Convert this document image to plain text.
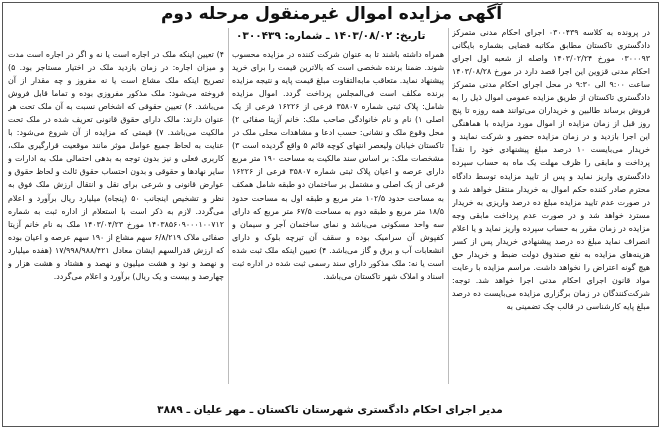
آگهی مزایده اموال غیرمنقول مرحله دوم
تاریخ: ۱۴۰۳/۰۸/۰۲ ـ شماره: ۰۳۰۰۴۳۹	در پرونده به کلاسه ۰۳۰۰۴۳۹ اجرای احکام مدنی متمرکز دادگستری تاکستان مطابق مکاتبه قضایی بشماره بایگانی ۰۳۰۰۰۹۳ مورخ ۱۴۰۳/۰۲/۲۴ واصله از شعبه اول اجرای احکام مدنی قزوین این اجرا قصد دارد در مورخ ۱۴۰۳/۰۸/۲۸ ساعت ۹:۰۰ الی ۹:۳۰ در محل اجرای احکام مدنی متمرکز دادگستری تاکستان از طریق مزایده عمومی اموال ذیل را به فروش برساند طالبین و خریداران می‌توانند همه روزه تا پنج روز قبل از زمان مزایده از اموال مورد مزایده با هماهنگی این اجرا بازدید و در زمان مزایده حضور و شرکت نمایند و خریدار می‌بایست ۱۰ درصد مبلغ پیشنهادی خود را نقداً پرداخت و مابقی را ظرف مهلت یک ماه به حساب سپرده دادگستری واریز نماید و پس از تایید مزایده توسط دادگاه محترم صادر کننده حکم اموال به خریدار منتقل خواهد شد و در صورت عدم تایید مزایده مبلغ ده درصد واریزی به خریدار مسترد خواهد شد و در صورت عدم پرداخت مابقی وجه مزایده در زمان مقرر به حساب سپرده واریز نماید و یا اعلام انصراف نماید مبلغ ده درصد پیشنهادی خریدار پس از کسر هزینه‌های مزایده به نفع صندوق دولت ضبط و خریدار حق هیچ گونه اعتراض را نخواهد داشت. مراسم مزایده با رعایت مواد قانون اجرای احکام مدنی اجرا خواهد شد. توجه: شرکت‌کنندگان در زمان برگزاری مزایده می‌بایست ده درصد مبلغ پایه کارشناسی در قالب چک تضمینی به

همراه داشته باشند تا به عنوان شرکت کننده در مزایده محسوب شوند. ضمنا برنده شخصی است که بالاترین قیمت را برای خرید پیشنهاد نماید. متعاقب مابه‌التفاوت مبلغ قیمت پایه و نتیجه مزایده برنده مکلف است فی‌المجلس پرداخت گردد. اموال مزایده شامل: پلاک ثبتی شماره ۳۵۸۰۷ فرعی از ۱۶۲۲۶ فرعی از یک اصلی ۱) نام و نام خانوادگی صاحب ملک: خانم آزیتا صفائی ۲) محل وقوع ملک و نشانی: حسب ادعا و مشاهدات محلی ملک در تاکستان خیابان ولیعصر انتهای کوچه قائم ۵ واقع گردیده است ۳) مشخصات ملک: بر اساس سند مالکیت به مساحت ۱۹۰ متر مربع دارای عرصه و اعیان پلاک ثبتی شماره ۳۵۸۰۷ فرعی از ۱۶۲۲۶ فرعی از یک اصلی و مشتمل بر ساختمان دو طبقه شامل همکف به مساحت حدود ۱۰۲/۵ متر مربع و طبقه اول به مساحت حدود ۱۸/۵ متر مربع و طبقه دوم به مساحت ۶۷/۵ متر مربع که دارای سه واحد مسکونی می‌باشد و نمای ساختمان آجر و سیمان و کفپوش آن سرامیک بوده و سقف آن تیرچه بلوک و دارای انشعابات آب و برق و گاز می‌باشد. ۴) تعیین اینکه ملک ثبت شده است یا نه: ملک مذکور دارای سند رسمی ثبت شده در اداره ثبت اسناد و املاک شهر تاکستان می‌باشد.

۴) تعیین اینکه ملک در اجاره است یا نه و اگر در اجاره است مدت و میزان اجاره: در زمان بازدید ملک در اختیار مستاجر بود. ۵) تصریح اینکه ملک مشاع است یا نه مفروز و چه مقدار از آن فروخته می‌شود: ملک مذکور مفروزی بوده و تماما قابل فروش می‌باشد. ۶) تعیین حقوقی که اشخاص نسبت به آن ملک تحت هر عنوان دارند: مالک دارای حقوق قانونی تعریف شده در ملک تحت مالکیت می‌باشد. ۷) قیمتی که مزایده از آن شروع می‌شود: با عنایت به لحاظ جمیع عوامل موثر مانند موقعیت قرارگیری ملک، کاربری فعلی و نیز بدون توجه به بدهی احتمالی ملک به ادارات و سایر نهادها و حقوقی و بدون احتساب حقوق ثالث و لحاظ حقوق و عوارض قانونی و شرعی برای نقل و انتقال ارزش ملک فوق به نظر و تشخیص اینجانب ۵۰ (پنجاه) میلیارد ریال برآورد و اعلام می‌گردد. لازم به ذکر است با استعلام از اداره ثبت به شماره ۱۴۰۳۸۵۶۰۹۰۰۰۱۰۰۷۱۲ مورخ ۱۴۰۳/۰۴/۲۳ ملک به نام خانم آزیتا صفائی ملاک ۶/۸/۲۱۹ سهم مشاع از ۱۹۰ سهم عرصه و اعیان بوده که ارزش قدرالسهم ایشان معادل ۱۷/۹۹۸/۹۸۸/۴۲۱ (هفده میلیارد و نهصد و نود و هشت میلیون و نهصد و هشتاد و هشت هزار و چهارصد و بیست و یک ریال) برآورد و اعلام می‌گردد.

مدیر اجرای احکام دادگستری شهرستان تاکستان ـ مهر علیان ـ ۳۸۸۹
